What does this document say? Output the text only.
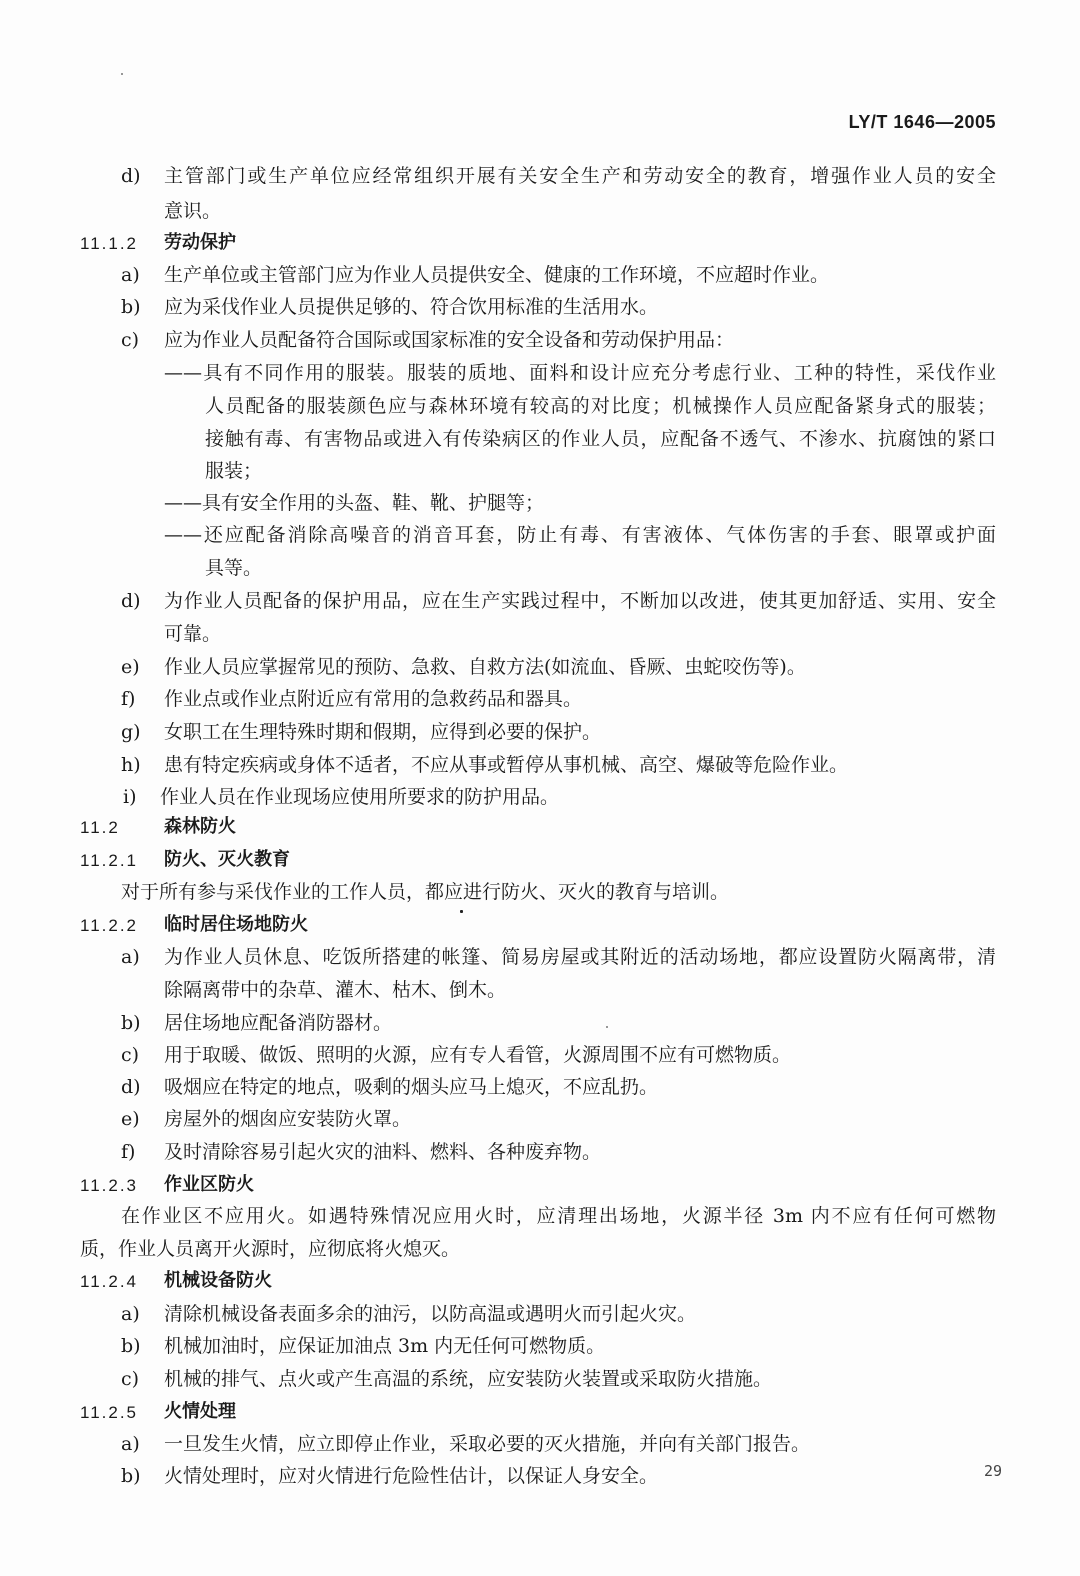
LY/T 1646—2005
d) 主管部门或生产单位应经常组织开展有关安全生产和劳动安全的教育，增强作业人员的安全
意识。
11.1.2 劳动保护
a) 生产单位或主管部门应为作业人员提供安全、健康的工作环境，不应超时作业。
b) 应为采伐作业人员提供足够的、符合饮用标准的生活用水。
c) 应为作业人员配备符合国际或国家标准的安全设备和劳动保护用品：
——具有不同作用的服装。服装的质地、面料和设计应充分考虑行业、工种的特性，采伐作业
人员配备的服装颜色应与森林环境有较高的对比度；机械操作人员应配备紧身式的服装；
接触有毒、有害物品或进入有传染病区的作业人员，应配备不透气、不渗水、抗腐蚀的紧口
服装；
——具有安全作用的头盔、鞋、靴、护腿等；
——还应配备消除高噪音的消音耳套，防止有毒、有害液体、气体伤害的手套、眼罩或护面
具等。
d) 为作业人员配备的保护用品，应在生产实践过程中，不断加以改进，使其更加舒适、实用、安全
可靠。
e) 作业人员应掌握常见的预防、急救、自救方法(如流血、昏厥、虫蛇咬伤等)。
f) 作业点或作业点附近应有常用的急救药品和器具。
g) 女职工在生理特殊时期和假期，应得到必要的保护。
h) 患有特定疾病或身体不适者，不应从事或暂停从事机械、高空、爆破等危险作业。
i) 作业人员在作业现场应使用所要求的防护用品。
11.2 森林防火
11.2.1 防火、灭火教育
对于所有参与采伐作业的工作人员，都应进行防火、灭火的教育与培训。
11.2.2 临时居住场地防火
a) 为作业人员休息、吃饭所搭建的帐篷、简易房屋或其附近的活动场地，都应设置防火隔离带，清
除隔离带中的杂草、灌木、枯木、倒木。
b) 居住场地应配备消防器材。
c) 用于取暖、做饭、照明的火源，应有专人看管，火源周围不应有可燃物质。
d) 吸烟应在特定的地点，吸剩的烟头应马上熄灭，不应乱扔。
e) 房屋外的烟囱应安装防火罩。
f) 及时清除容易引起火灾的油料、燃料、各种废弃物。
11.2.3 作业区防火
在作业区不应用火。如遇特殊情况应用火时，应清理出场地，火源半径 3m 内不应有任何可燃物
质，作业人员离开火源时，应彻底将火熄灭。
11.2.4 机械设备防火
a) 清除机械设备表面多余的油污，以防高温或遇明火而引起火灾。
b) 机械加油时，应保证加油点 3m 内无任何可燃物质。
c) 机械的排气、点火或产生高温的系统，应安装防火装置或采取防火措施。
11.2.5 火情处理
a) 一旦发生火情，应立即停止作业，采取必要的灭火措施，并向有关部门报告。
b) 火情处理时，应对火情进行危险性估计，以保证人身安全。	29
